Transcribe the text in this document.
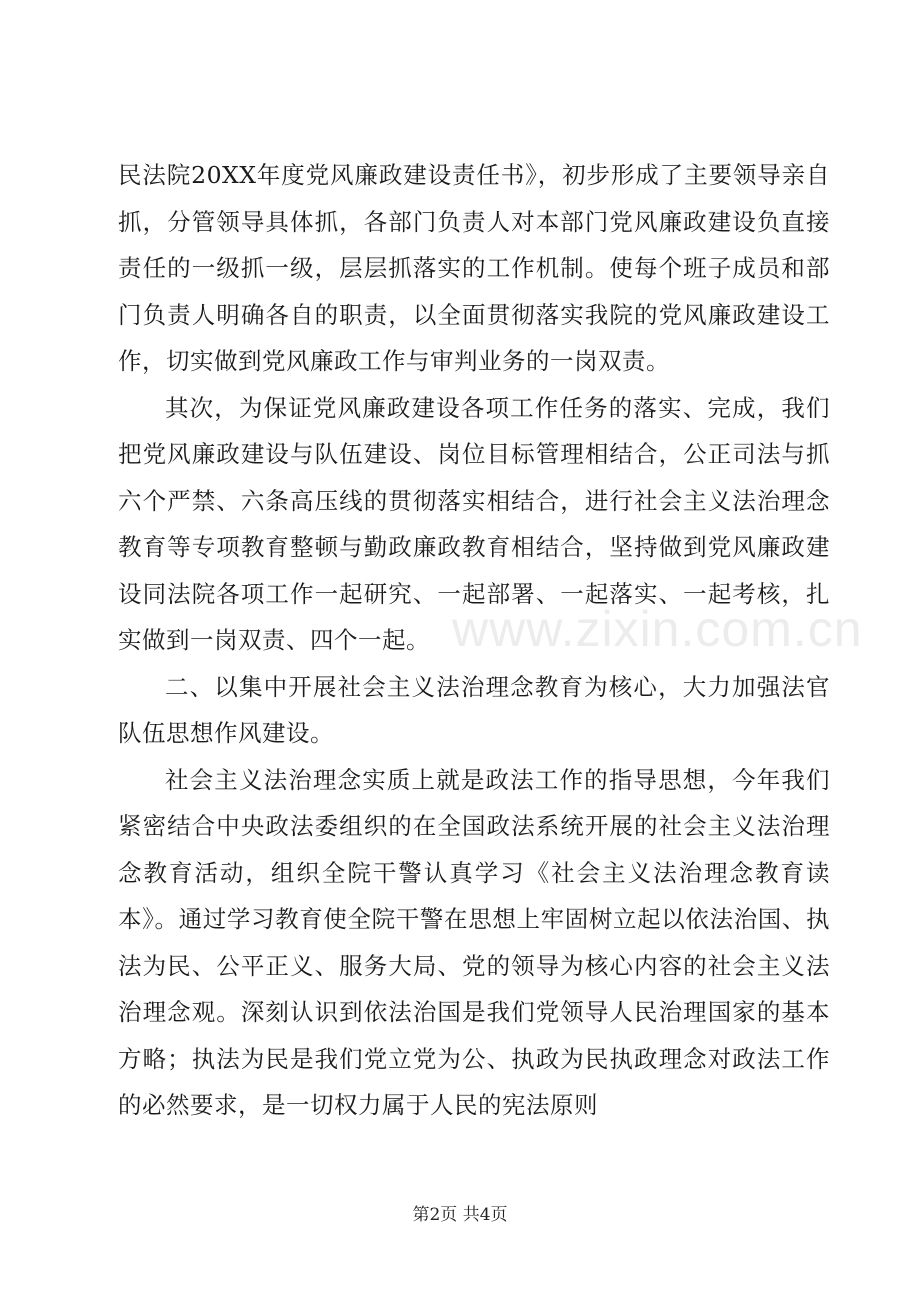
民法院20XX年度党风廉政建设责任书》，初步形成了主要领导亲自抓，分管领导具体抓，各部门负责人对本部门党风廉政建设负直接责任的一级抓一级，层层抓落实的工作机制。使每个班子成员和部门负责人明确各自的职责，以全面贯彻落实我院的党风廉政建设工作，切实做到党风廉政工作与审判业务的一岗双责。

其次，为保证党风廉政建设各项工作任务的落实、完成，我们把党风廉政建设与队伍建设、岗位目标管理相结合，公正司法与抓六个严禁、六条高压线的贯彻落实相结合，进行社会主义法治理念教育等专项教育整顿与勤政廉政教育相结合，坚持做到党风廉政建设同法院各项工作一起研究、一起部署、一起落实、一起考核，扎实做到一岗双责、四个一起。

二、以集中开展社会主义法治理念教育为核心，大力加强法官队伍思想作风建设。

社会主义法治理念实质上就是政法工作的指导思想，今年我们紧密结合中央政法委组织的在全国政法系统开展的社会主义法治理念教育活动，组织全院干警认真学习《社会主义法治理念教育读本》。通过学习教育使全院干警在思想上牢固树立起以依法治国、执法为民、公平正义、服务大局、党的领导为核心内容的社会主义法治理念观。深刻认识到依法治国是我们党领导人民治理国家的基本方略；执法为民是我们党立党为公、执政为民执政理念对政法工作的必然要求，是一切权力属于人民的宪法原则

www.zixin.com.cn
第2页 共4页
